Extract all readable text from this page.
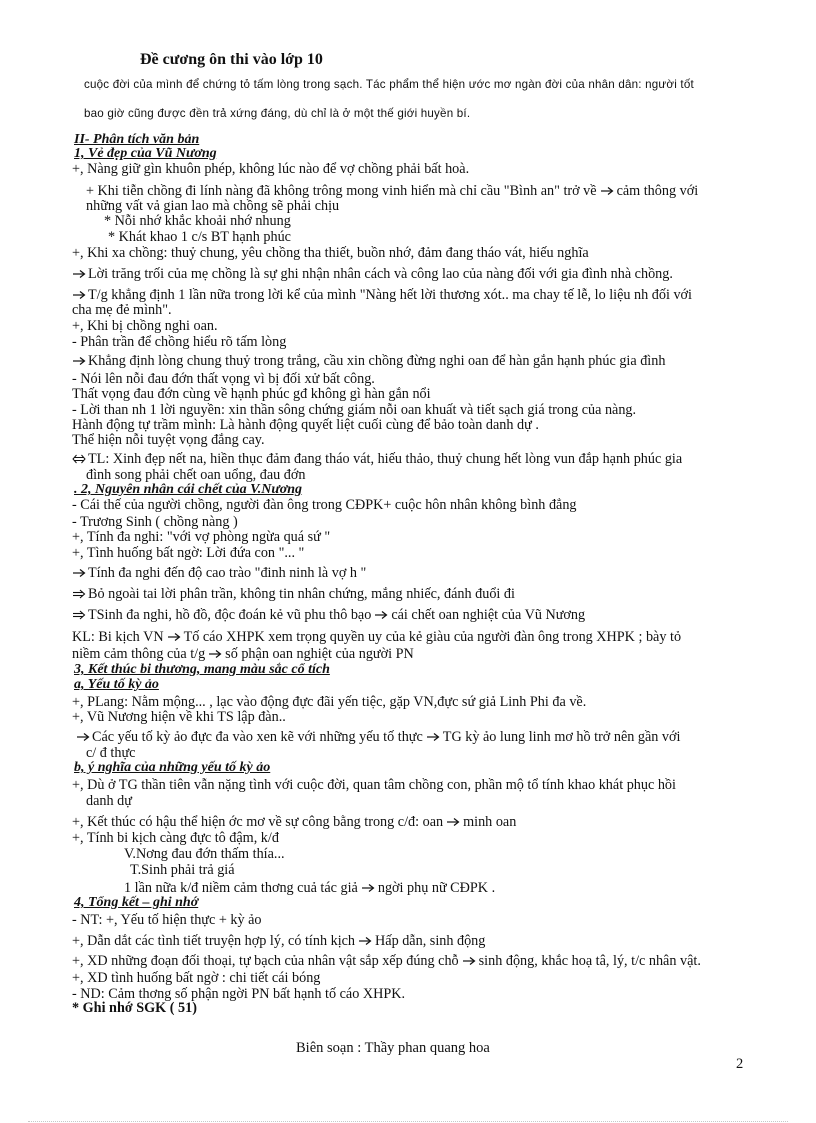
Đề cương ôn thi vào lớp 10
cuộc đời của mình để chứng tỏ tấm lòng trong sạch. Tác phẩm thể hiện ước mơ ngàn đời của nhân dân: người tốt
bao giờ cũng được đền trả xứng đáng, dù chỉ là ở một thế giới huyền bí.
II- Phân tích văn bản
1, Vẻ đẹp của Vũ Nương
+, Nàng giữ gìn khuôn phép, không lúc nào để vợ chồng phải bất hoà.
+ Khi tiễn chồng đi lính nàng đã không trông mong vinh hiển mà chỉ cầu "Bình an" trở về cảm thông với
những vất vả gian lao mà chồng sẽ phải chịu
* Nỗi nhớ khắc khoải nhớ nhung
* Khát khao 1 c/s BT hạnh phúc
+, Khi xa chồng: thuỷ chung, yêu chồng tha thiết, buồn nhớ, đảm đang tháo vát, hiếu nghĩa
Lời trăng trối của mẹ chồng là sự ghi nhận nhân cách và công lao của nàng đối với gia đình nhà chồng.
T/g khẳng định 1 lần nữa trong lời kể của mình "Nàng hết lời thương xót.. ma chay tế lễ, lo liệu nh đối với
cha mẹ đẻ mình".
+, Khi bị chồng nghi oan.
- Phân trần để chồng hiểu rõ tấm lòng
Khẳng định lòng chung thuỷ trong trắng, cầu xin chồng đừng nghi oan để hàn gắn hạnh phúc gia đình
- Nói lên nỗi đau đớn thất vọng vì bị đối xử bất công.
Thất vọng đau đớn cùng về hạnh phúc gđ không gì hàn gắn nổi
- Lời than nh 1 lời nguyền: xin thần sông chứng giám nỗi oan khuất và tiết sạch giá trong của nàng.
Hành động tự trầm mình: Là hành động quyết liệt cuối cùng để bảo toàn danh dự .
Thể hiện nỗi tuyệt vọng đắng cay.
TL: Xinh đẹp nết na, hiền thục đảm đang tháo vát, hiếu thảo, thuỷ chung hết lòng vun đắp hạnh phúc gia
đình song phải chết oan uổng, đau đớn
. 2, Nguyên nhân cái chết của V.Nương
- Cái thế của người chồng, người đàn ông trong CĐPK+ cuộc hôn nhân không bình đẳng
- Trương Sinh ( chồng nàng )
+, Tính đa nghi: "với vợ phòng ngừa quá sứ "
+, Tình huống bất ngờ: Lời đứa con "... "
Tính đa nghi đến độ cao trào "đinh ninh là vợ h "
Bỏ ngoài tai lời phân trần, không tin nhân chứng, mắng nhiếc, đánh đuổi đi
TSinh đa nghi, hồ đồ, độc đoán kẻ vũ phu thô bạo cái chết oan nghiệt của Vũ Nương
KL: Bi kịch VN Tố cáo XHPK xem trọng quyền uy của kẻ giàu của người đàn ông trong XHPK ; bày tỏ
niềm cảm thông của t/g số phận oan nghiệt của người PN
3, Kết thúc bi thương, mang màu sắc cổ tích
a, Yếu tố kỳ ảo
+, PLang: Nằm mộng... , lạc vào động đực đãi yến tiệc, gặp VN,đực sứ giả Linh Phi đa về.
+, Vũ Nương hiện về khi TS lập đàn..
Các yếu tố kỳ ảo đực đa vào xen kẽ với những yếu tố thực TG kỳ ảo lung linh mơ hồ trở nên gần với
c/ đ thực
b, ý nghĩa của những yếu tố kỳ ảo
+, Dù ở TG thần tiên vẫn nặng tình với cuộc đời, quan tâm chồng con, phần mộ tổ tính khao khát phục hồi
danh dự
+, Kết thúc có hậu thể hiện ớc mơ về sự công bằng trong c/đ: oan minh oan
+, Tính bi kịch càng đực tô đậm, k/đ
V.Nơng đau đớn thấm thía...
T.Sinh phải trả giá
1 lần nữa k/đ niềm cảm thơng cuả tác giả ngời phụ nữ CĐPK .
4, Tổng kết – ghi nhớ
- NT: +, Yếu tố hiện thực + kỳ ảo
+, Dẫn dắt các tình tiết truyện hợp lý, có tính kịch Hấp dẫn, sinh động
+, XD những đoạn đối thoại, tự bạch của nhân vật sắp xếp đúng chỗ sinh động, khắc hoạ tâ, lý, t/c nhân vật.
+, XD tình huống bất ngờ : chi tiết cái bóng
- ND: Cảm thơng số phận ngời PN bất hạnh tố cáo XHPK.
* Ghi nhớ SGK ( 51)
Biên soạn : Thầy phan quang hoa
2
